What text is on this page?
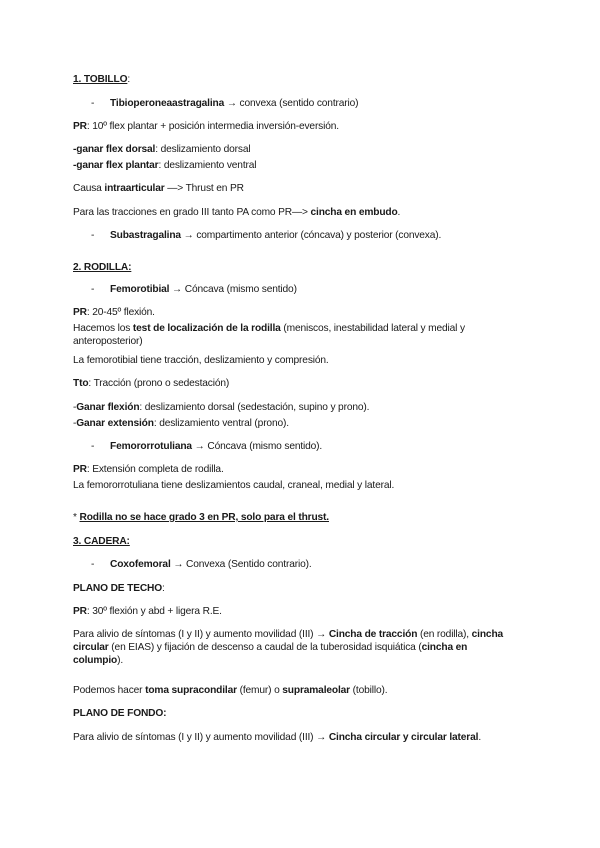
1. TOBILLO:
- Tibioperoneaastragalina → convexa (sentido contrario)
PR: 10º flex plantar + posición intermedia inversión-eversión.
-ganar flex dorsal: deslizamiento dorsal
-ganar flex plantar: deslizamiento ventral
Causa intraarticular —> Thrust en PR
Para las tracciones en grado III tanto PA como PR—> cincha en embudo.
- Subastragalina → compartimento anterior (cóncava) y posterior (convexa).
2. RODILLA:
- Femorotibial → Cóncava (mismo sentido)
PR: 20-45º flexión.
Hacemos los test de localización de la rodilla (meniscos, inestabilidad lateral y medial y anteroposterior)
La femorotibial tiene tracción, deslizamiento y compresión.
Tto: Tracción (prono o sedestación)
-Ganar flexión: deslizamiento dorsal (sedestación, supino y prono).
-Ganar extensión: deslizamiento ventral (prono).
- Femororrotuliana → Cóncava (mismo sentido).
PR: Extensión completa de rodilla.
La femororrotuliana tiene deslizamientos caudal, craneal, medial y lateral.
* Rodilla no se hace grado 3 en PR, solo para el thrust.
3. CADERA:
- Coxofemoral → Convexa (Sentido contrario).
PLANO DE TECHO:
PR: 30º flexión y abd + ligera R.E.
Para alivio de síntomas (I y II) y aumento movilidad (III) → Cincha de tracción (en rodilla), cincha circular (en EIAS) y fijación de descenso a caudal de la tuberosidad isquiática (cincha en columpio).
Podemos hacer toma supracondilar (femur) o supramaleolar (tobillo).
PLANO DE FONDO:
Para alivio de síntomas (I y II) y aumento movilidad (III) → Cincha circular y circular lateral.
